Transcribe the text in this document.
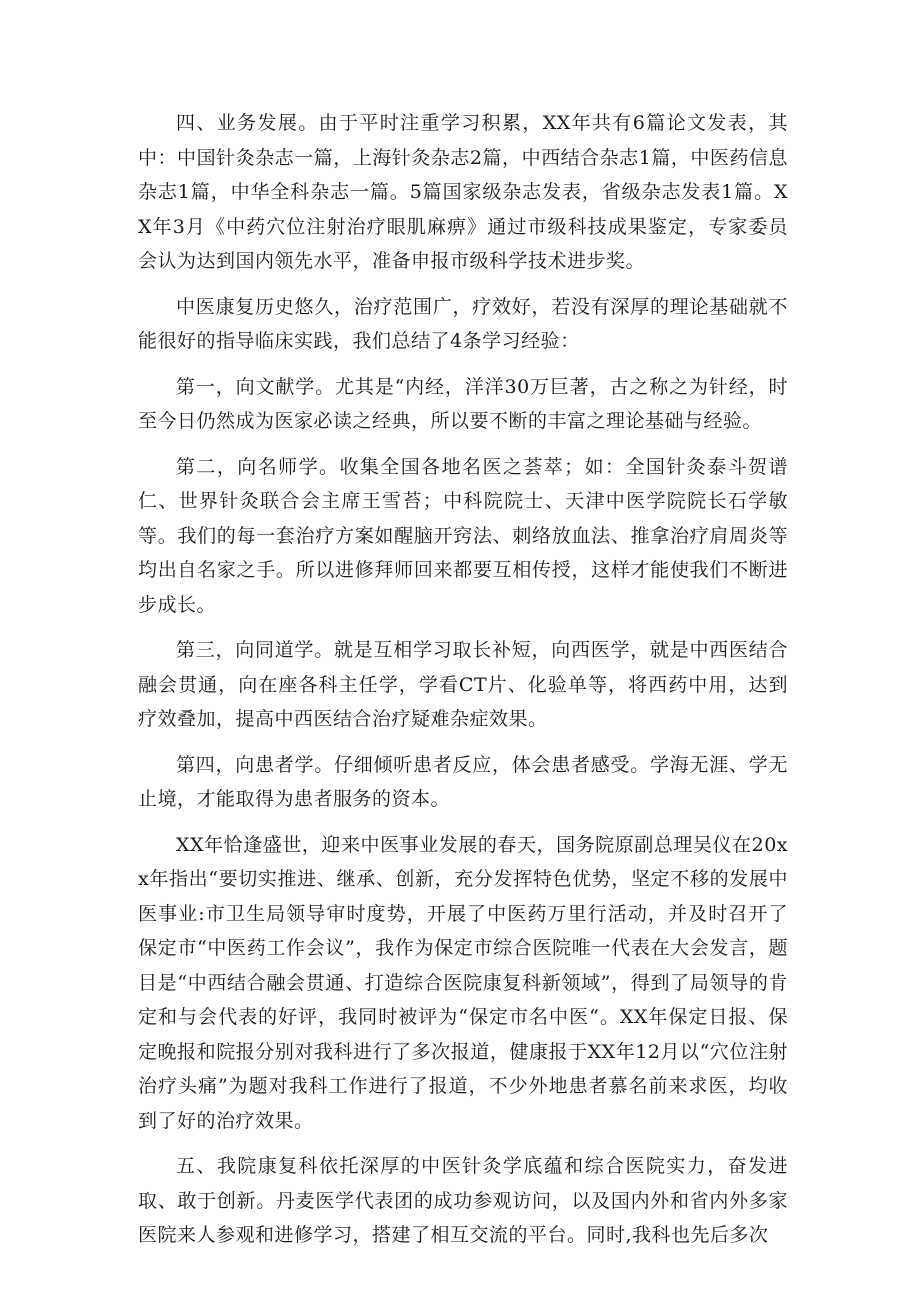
四、业务发展。由于平时注重学习积累，XX年共有6篇论文发表，其中：中国针灸杂志一篇，上海针灸杂志2篇，中西结合杂志1篇，中医药信息杂志1篇，中华全科杂志一篇。5篇国家级杂志发表，省级杂志发表1篇。XX年3月《中药穴位注射治疗眼肌麻痹》通过市级科技成果鉴定，专家委员会认为达到国内领先水平，准备申报市级科学技术进步奖。

中医康复历史悠久，治疗范围广，疗效好，若没有深厚的理论基础就不能很好的指导临床实践，我们总结了4条学习经验：

第一，向文献学。尤其是“内经，洋洋30万巨著，古之称之为针经，时至今日仍然成为医家必读之经典，所以要不断的丰富之理论基础与经验。

第二，向名师学。收集全国各地名医之荟萃；如：全国针灸泰斗贺谱仁、世界针灸联合会主席王雪苔；中科院院士、天津中医学院院长石学敏等。我们的每一套治疗方案如醒脑开窍法、刺络放血法、推拿治疗肩周炎等均出自名家之手。所以进修拜师回来都要互相传授，这样才能使我们不断进步成长。

第三，向同道学。就是互相学习取长补短，向西医学，就是中西医结合融会贯通，向在座各科主任学，学看CT片、化验单等，将西药中用，达到疗效叠加，提高中西医结合治疗疑难杂症效果。

第四，向患者学。仔细倾听患者反应，体会患者感受。学海无涯、学无止境，才能取得为患者服务的资本。

XX年恰逢盛世，迎来中医事业发展的春天，国务院原副总理吴仪在20xx年指出“要切实推进、继承、创新，充分发挥特色优势，坚定不移的发展中医事业:市卫生局领导审时度势，开展了中医药万里行活动，并及时召开了保定市“中医药工作会议”，我作为保定市综合医院唯一代表在大会发言，题目是“中西结合融会贯通、打造综合医院康复科新领域”，得到了局领导的肯定和与会代表的好评，我同时被评为“保定市名中医“。XX年保定日报、保定晚报和院报分别对我科进行了多次报道，健康报于XX年12月以“穴位注射治疗头痛”为题对我科工作进行了报道，不少外地患者慕名前来求医，均收到了好的治疗效果。

五、我院康复科依托深厚的中医针灸学底蕴和综合医院实力，奋发进取、敢于创新。丹麦医学代表团的成功参观访问，以及国内外和省内外多家医院来人参观和进修学习，搭建了相互交流的平台。同时,我科也先后多次
